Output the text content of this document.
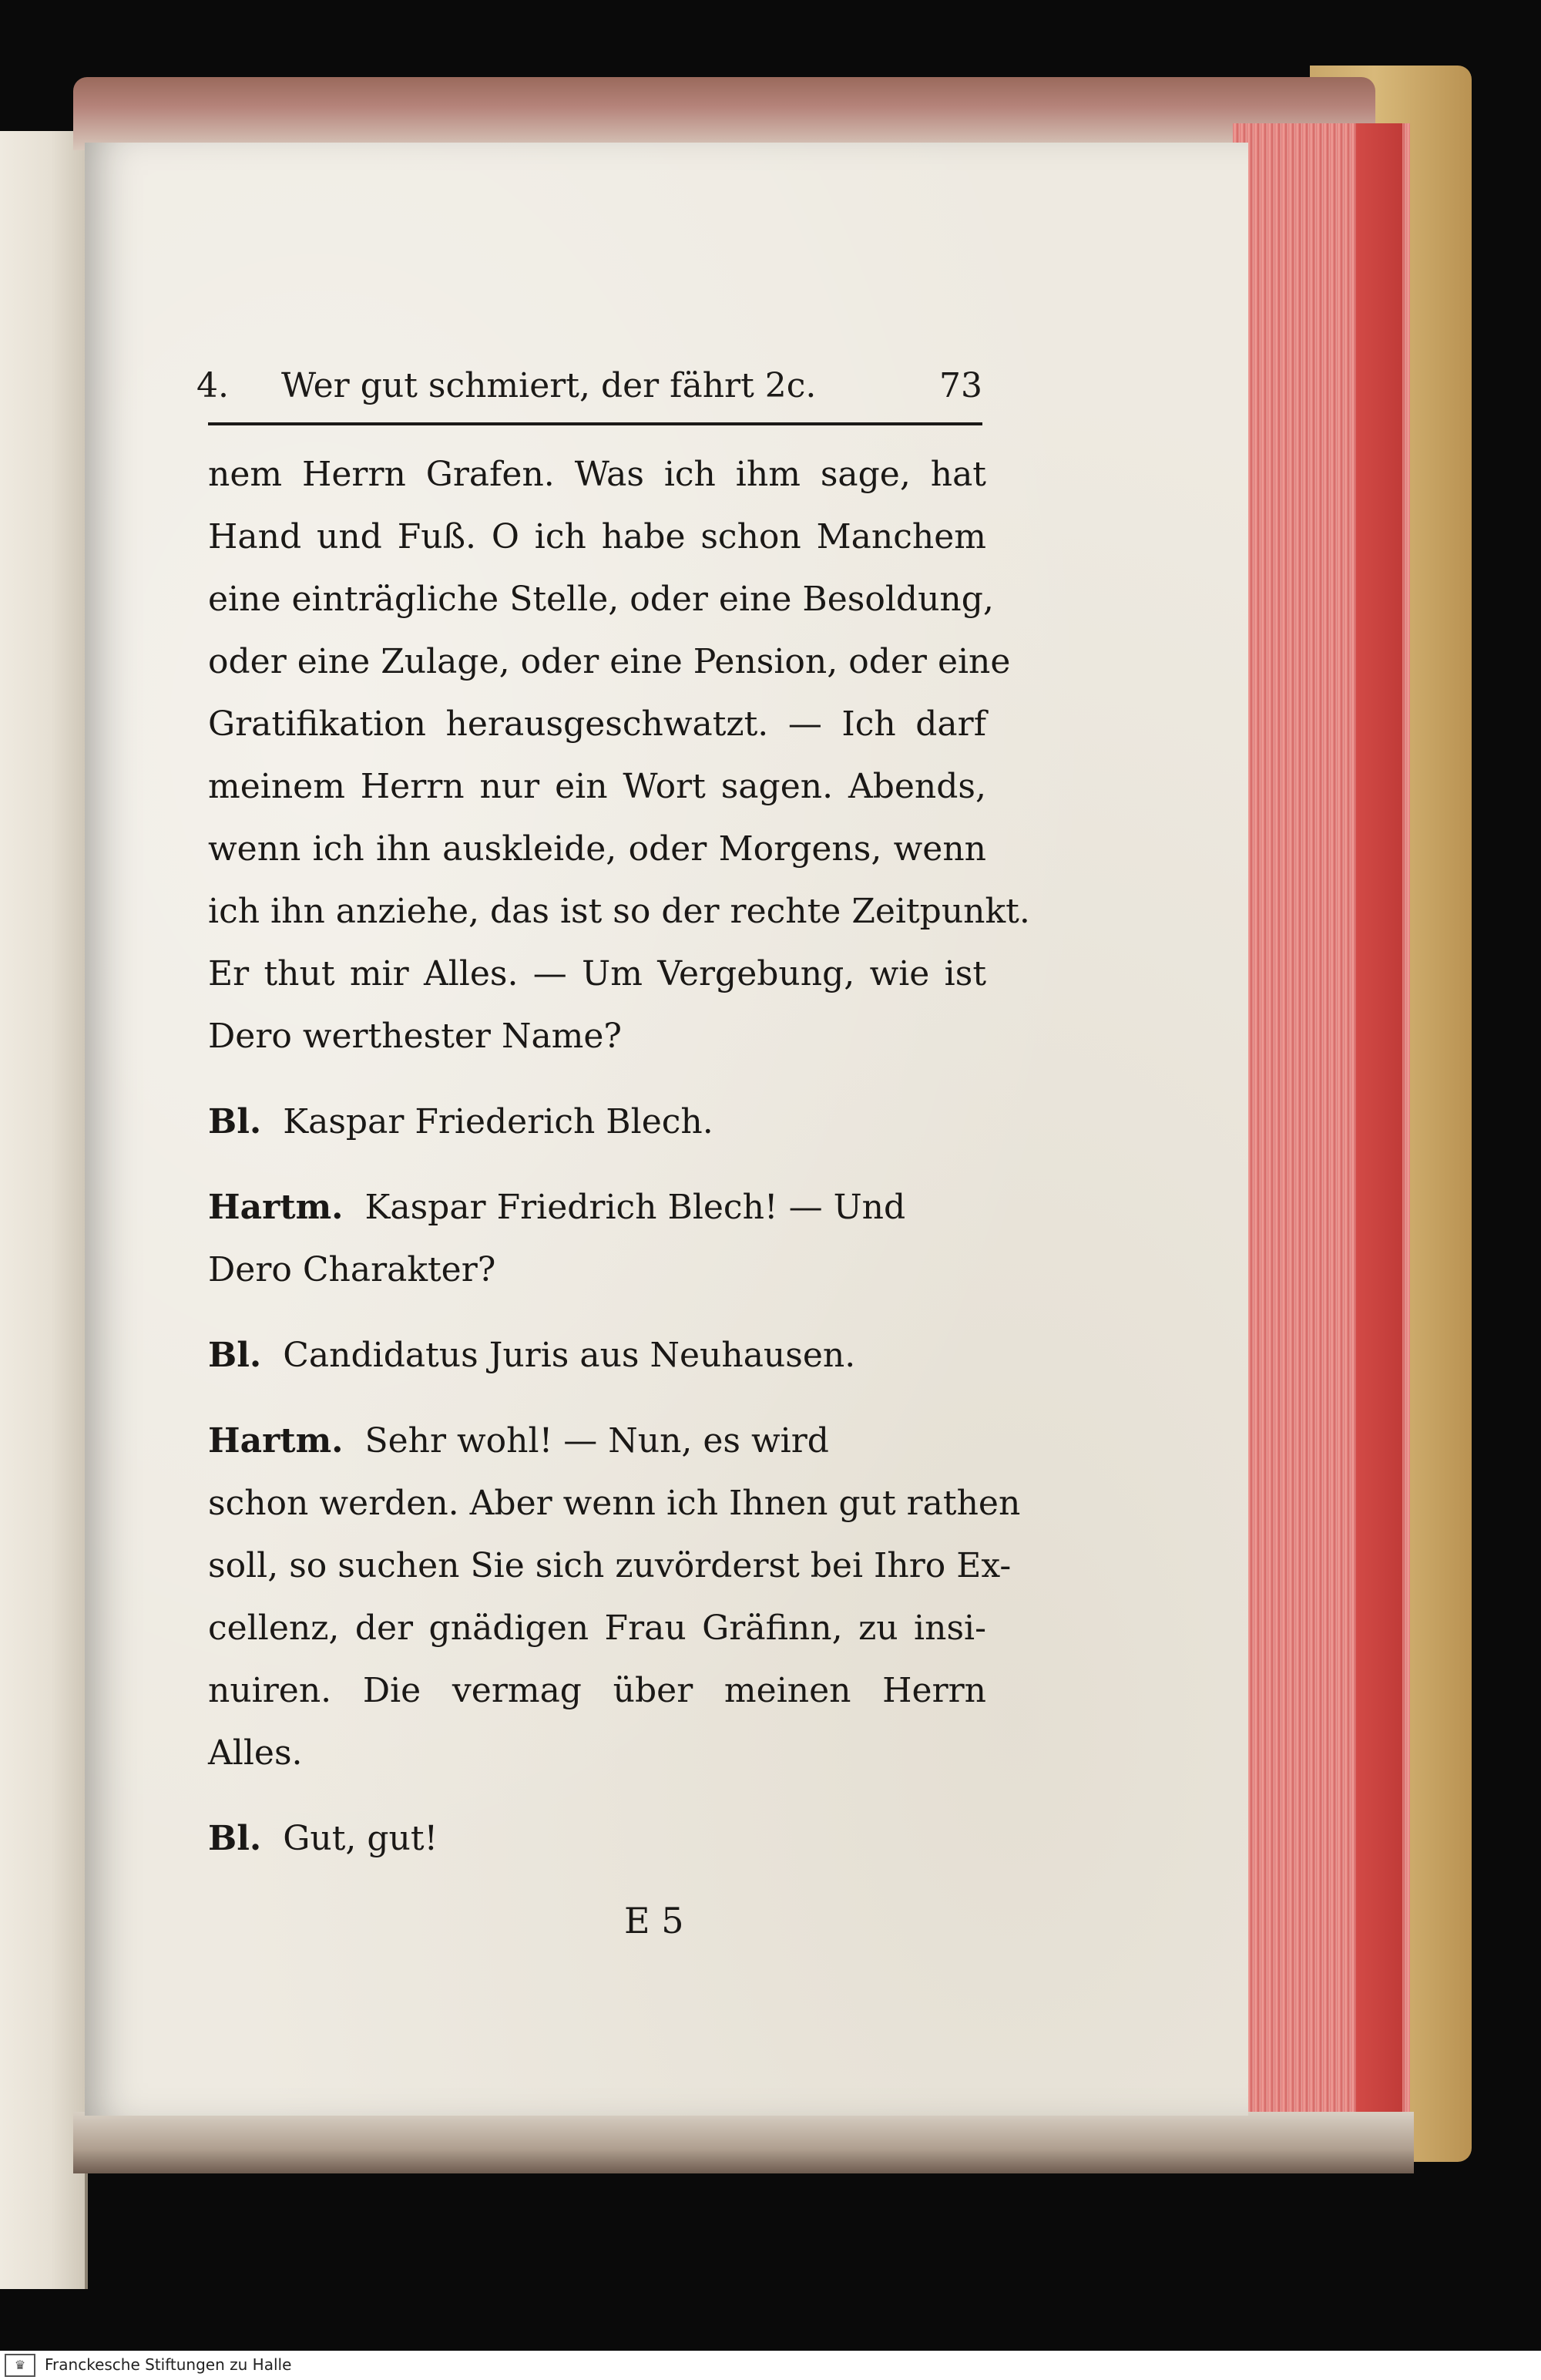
4. Wer gut schmiert, der fährt 2c.	73
nem Herrn Grafen. Was ich ihm sage, hat
Hand und Fuß. O ich habe schon Manchem
eine einträgliche Stelle, oder eine Besoldung,
oder eine Zulage, oder eine Pension, oder eine
Gratifikation herausgeschwatzt. — Ich darf
meinem Herrn nur ein Wort sagen. Abends,
wenn ich ihn auskleide, oder Morgens, wenn
ich ihn anziehe, das ist so der rechte Zeitpunkt.
Er thut mir Alles. — Um Vergebung, wie ist
Dero werthester Name?
Bl. Kaspar Friederich Blech.
Hartm. Kaspar Friedrich Blech! — Und
Dero Charakter?
Bl. Candidatus Juris aus Neuhausen.
Hartm. Sehr wohl! — Nun, es wird
schon werden. Aber wenn ich Ihnen gut rathen
soll, so suchen Sie sich zuvörderst bei Ihro Ex-
cellenz, der gnädigen Frau Gräfinn, zu insi-
nuiren. Die vermag über meinen Herrn
Alles.
Bl. Gut, gut!
E 5
♛	Franckesche Stiftungen zu Halle
